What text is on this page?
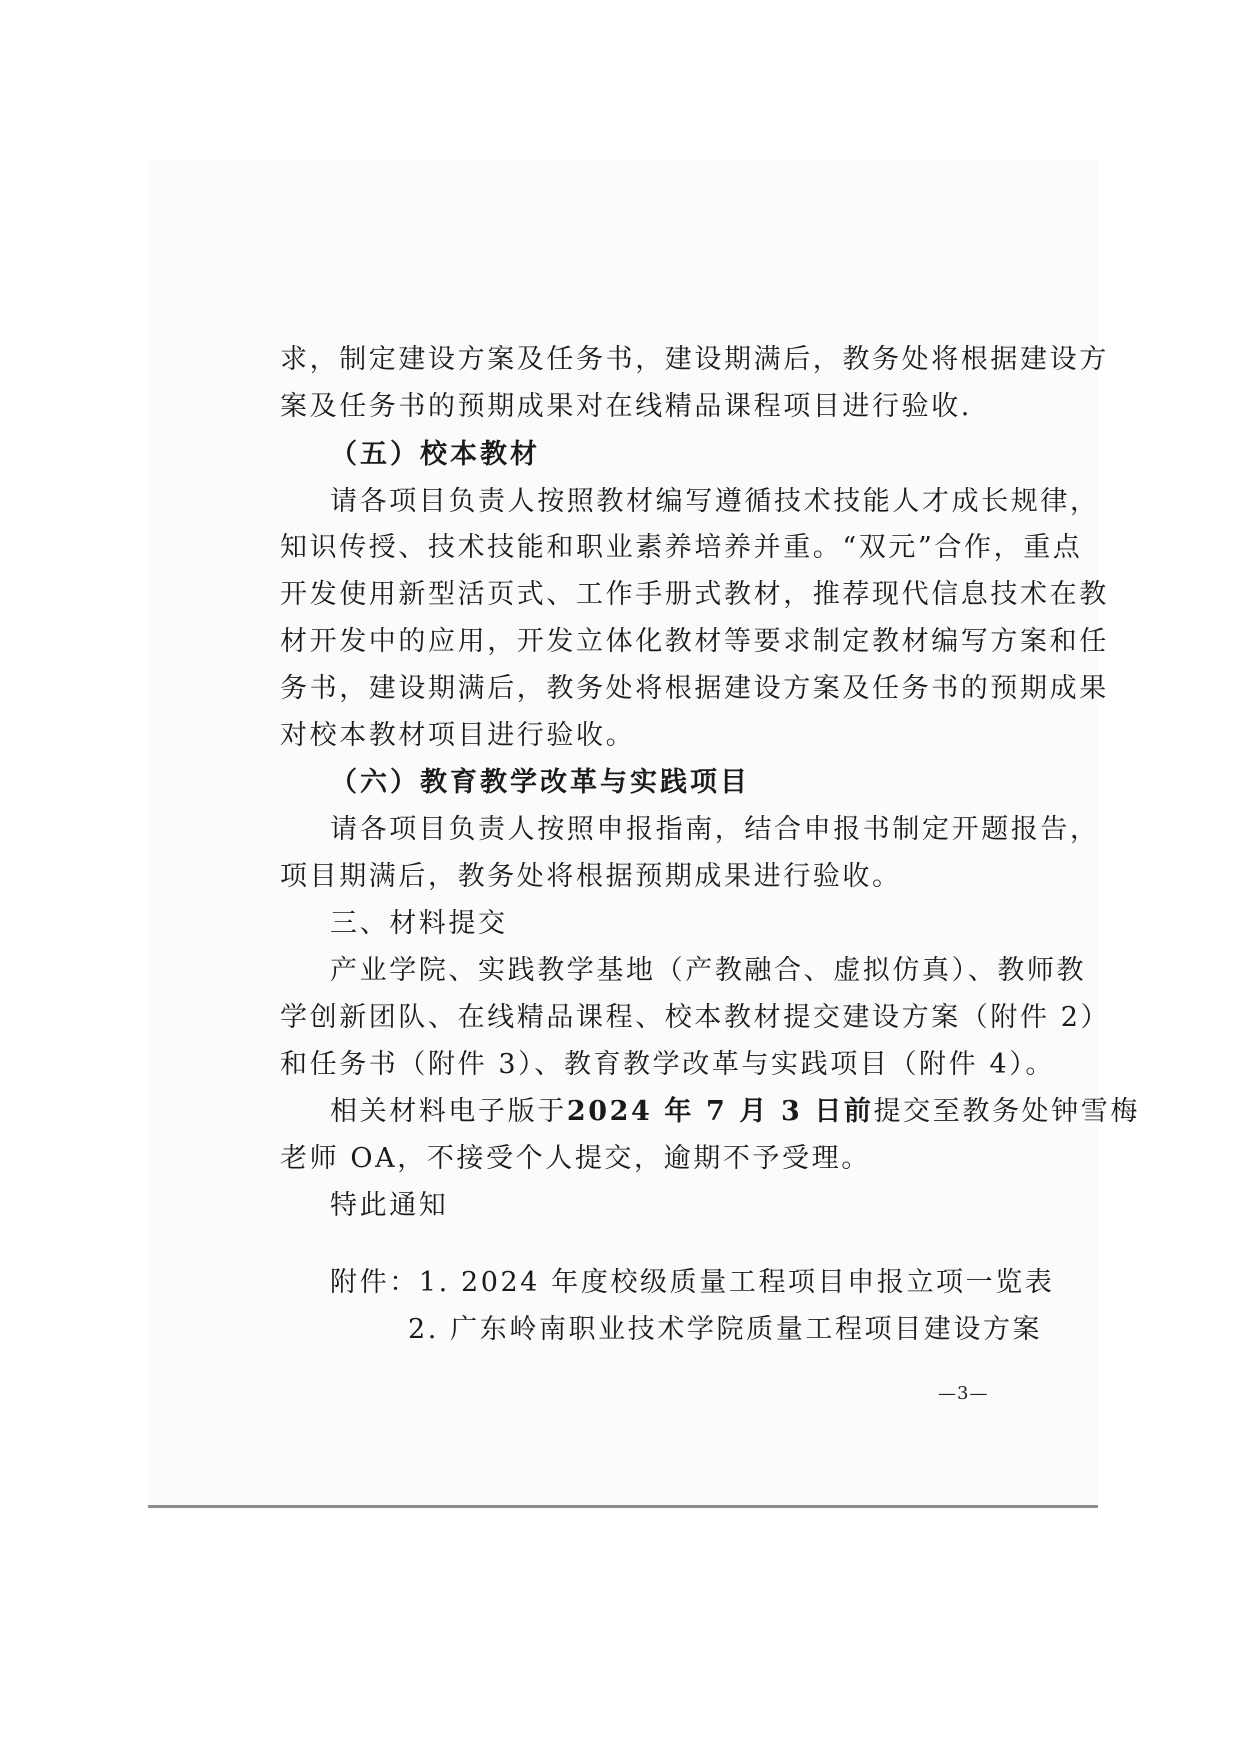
求，制定建设方案及任务书，建设期满后，教务处将根据建设方
案及任务书的预期成果对在线精品课程项目进行验收.
（五）校本教材
请各项目负责人按照教材编写遵循技术技能人才成长规律，
知识传授、技术技能和职业素养培养并重。“双元”合作，重点
开发使用新型活页式、工作手册式教材，推荐现代信息技术在教
材开发中的应用，开发立体化教材等要求制定教材编写方案和任
务书，建设期满后，教务处将根据建设方案及任务书的预期成果
对校本教材项目进行验收。
（六）教育教学改革与实践项目
请各项目负责人按照申报指南，结合申报书制定开题报告，
项目期满后，教务处将根据预期成果进行验收。
三、材料提交
产业学院、实践教学基地（产教融合、虚拟仿真）、教师教
学创新团队、在线精品课程、校本教材提交建设方案（附件 2）
和任务书（附件 3）、教育教学改革与实践项目（附件 4）。
相关材料电子版于2024 年 7 月 3 日前提交至教务处钟雪梅
老师 OA，不接受个人提交，逾期不予受理。
特此通知
附件：1. 2024 年度校级质量工程项目申报立项一览表
2. 广东岭南职业技术学院质量工程项目建设方案
—3—
